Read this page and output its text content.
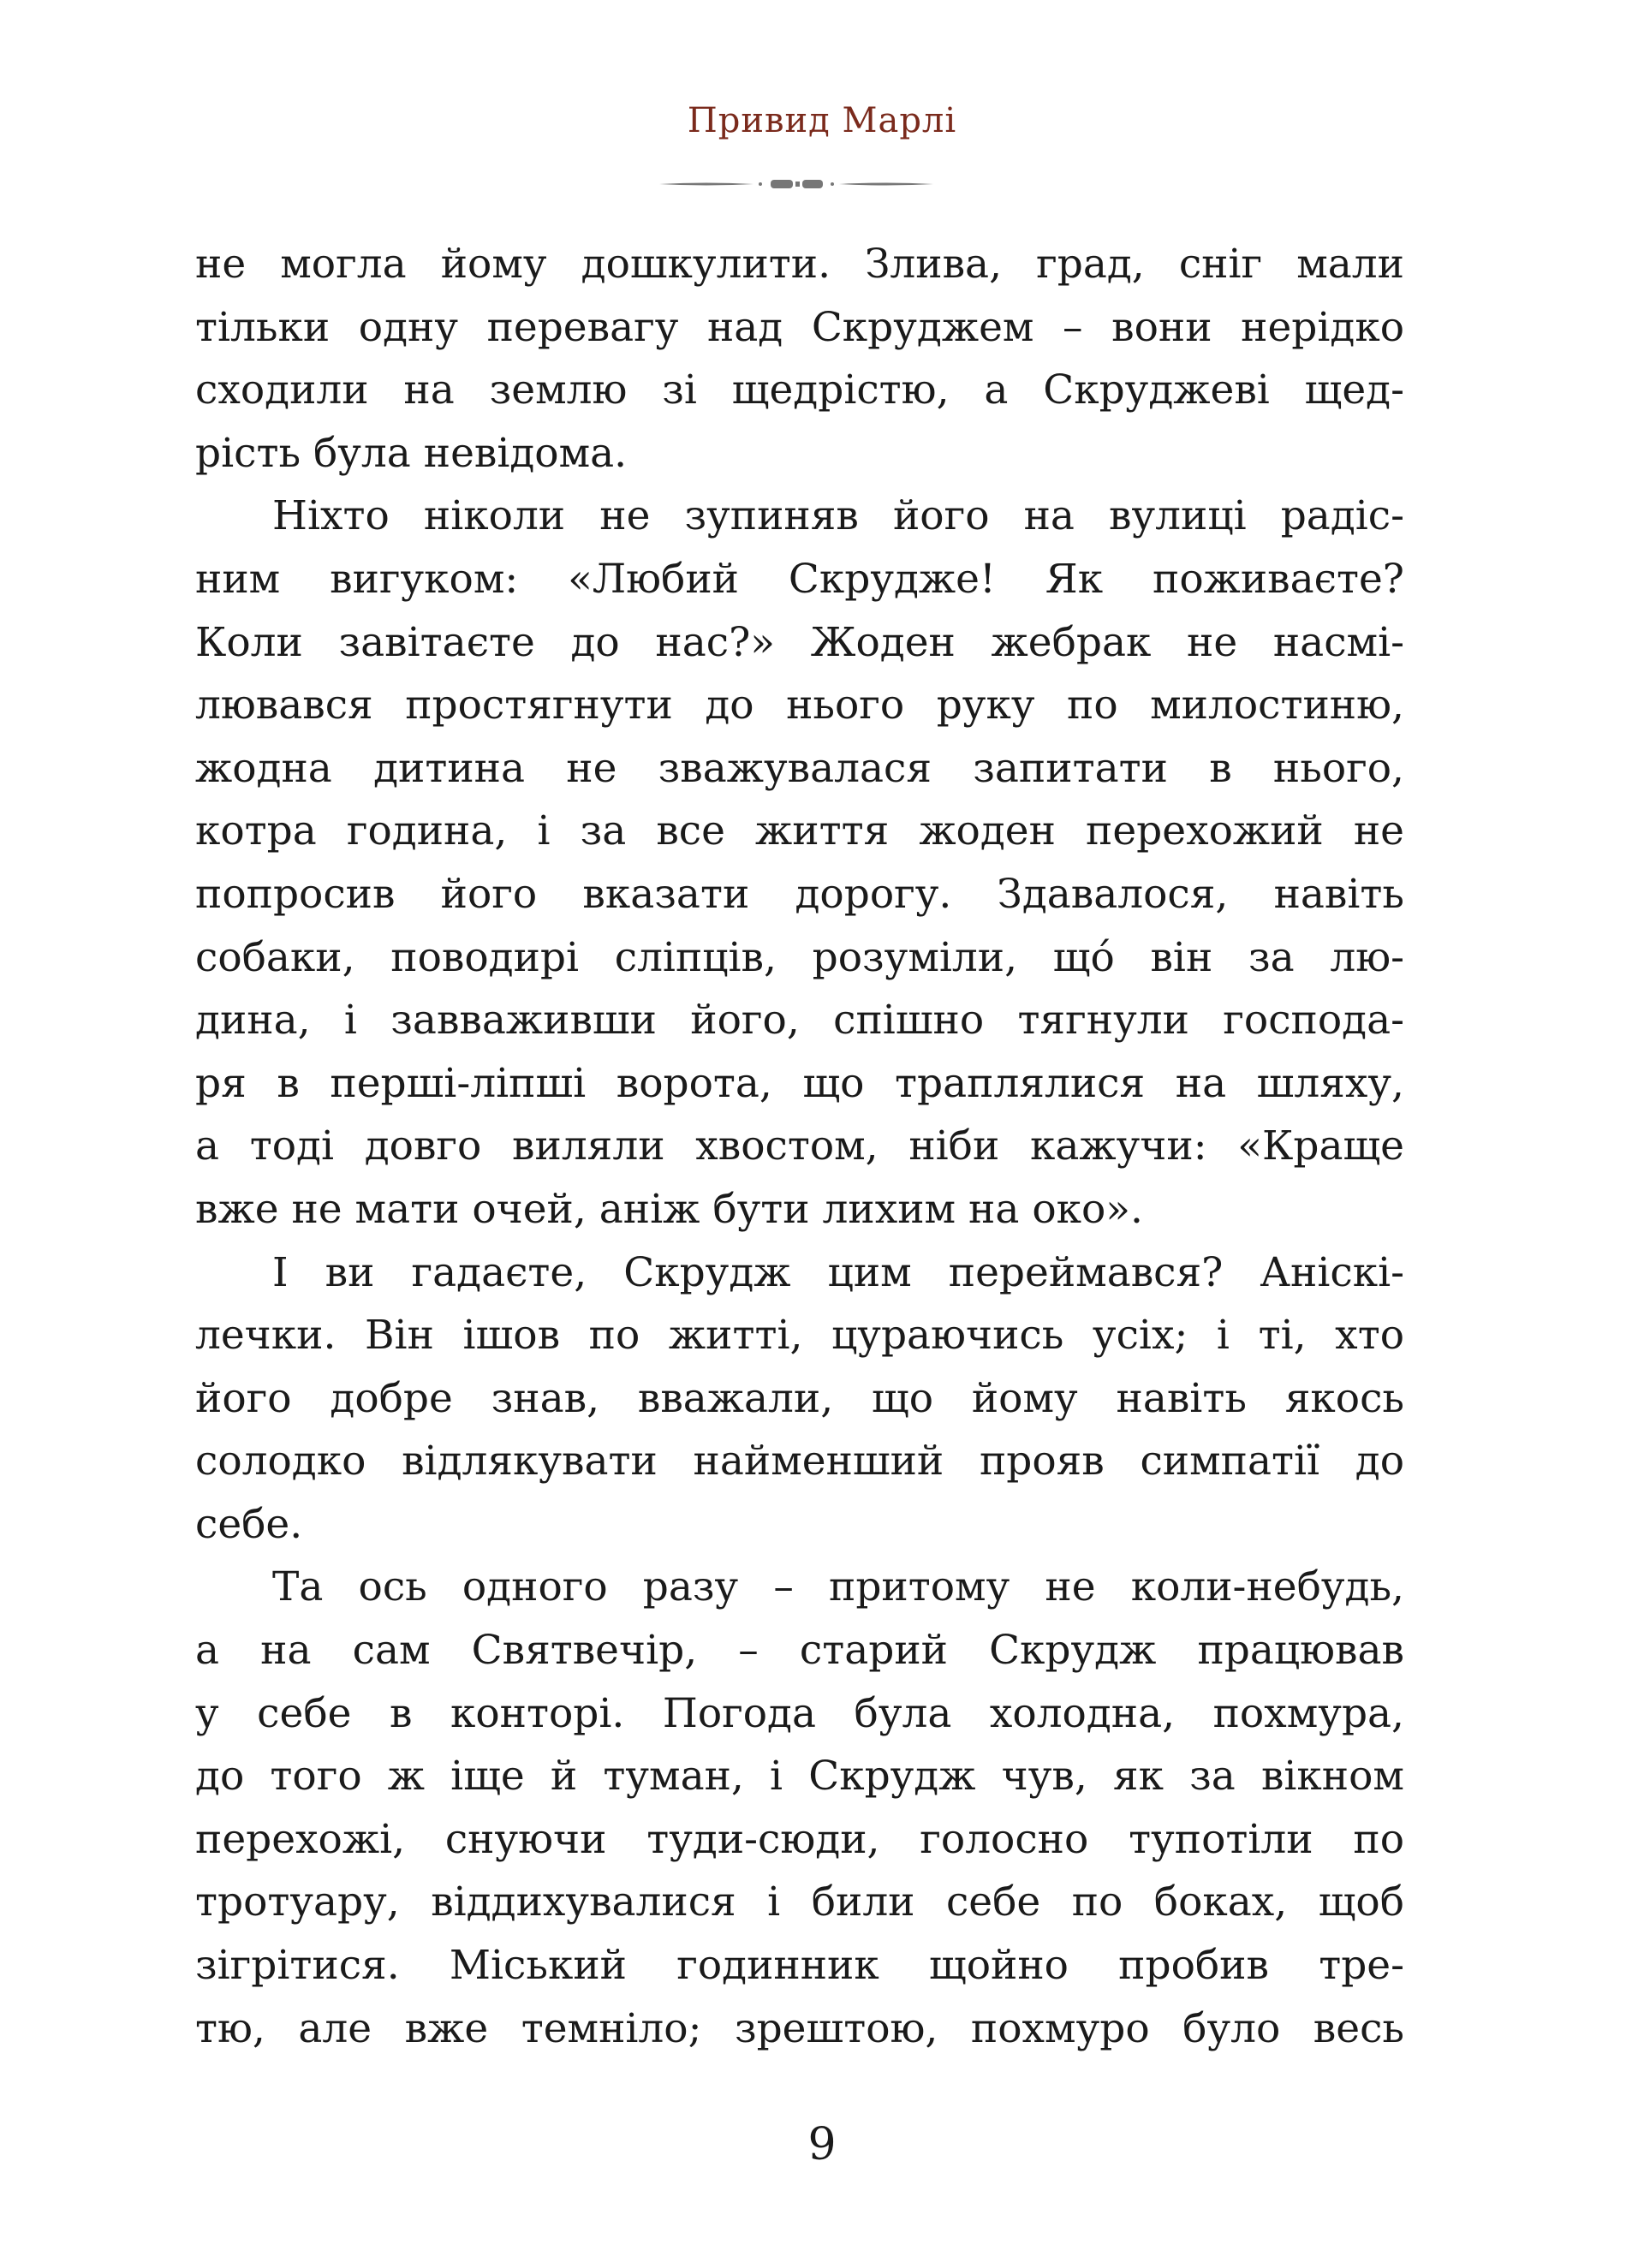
Привид Марлі
не могла йому дошкулити. Злива, град, сніг мали
тільки одну перевагу над Скруджем – вони нерідко
сходили на землю зі щедрістю, а Скруджеві щед-
рість була невідома.
Ніхто ніколи не зупиняв його на вулиці радіс-
ним вигуком: «Любий Скрудже! Як поживаєте?
Коли завітаєте до нас?» Жоден жебрак не насмі-
лювався простягнути до нього руку по милостиню,
жодна дитина не зважувалася запитати в нього,
котра година, і за все життя жоден перехожий не
попросив його вказати дорогу. Здавалося, навіть
собаки, поводирі сліпців, розуміли, що́ він за лю-
дина, і завваживши його, спішно тягнули господа-
ря в перші-ліпші ворота, що траплялися на шляху,
а тоді довго виляли хвостом, ніби кажучи: «Краще
вже не мати очей, аніж бути лихим на око».
І ви гадаєте, Скрудж цим переймався? Аніскі-
лечки. Він ішов по житті, цураючись усіх; і ті, хто
його добре знав, вважали, що йому навіть якось
солодко відлякувати найменший прояв симпатії до
себе.
Та ось одного разу – притому не коли-небудь,
а на сам Святвечір, – старий Скрудж працював
у себе в конторі. Погода була холодна, похмура,
до того ж іще й туман, і Скрудж чув, як за вікном
перехожі, снуючи туди-сюди, голосно тупотіли по
тротуару, віддихувалися і били себе по боках, щоб
зігрітися. Міський годинник щойно пробив тре-
тю, але вже темніло; зрештою, похмуро було весь
9
